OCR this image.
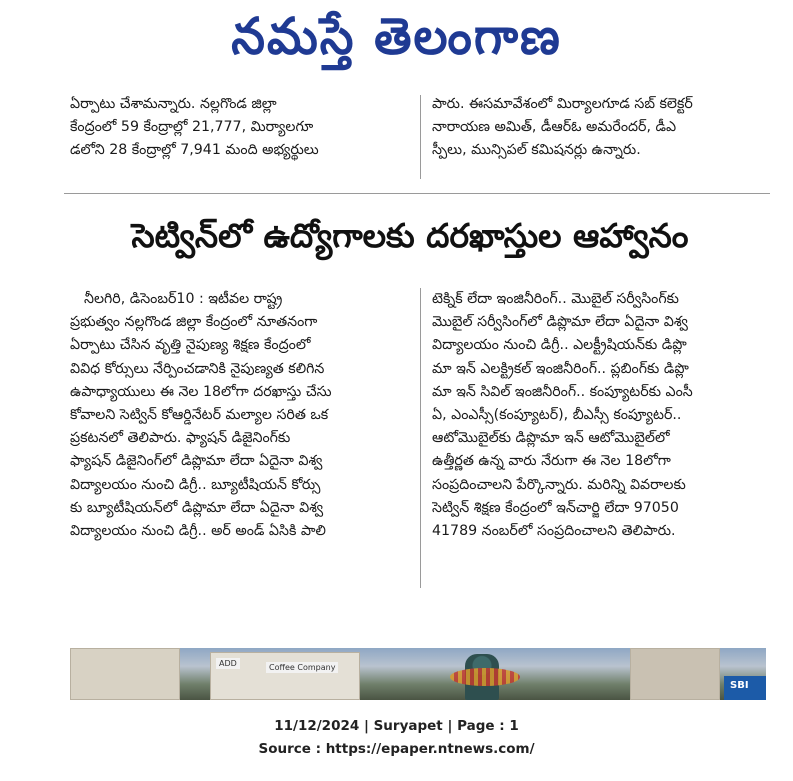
నమస్తే తెలంగాణ
ఏర్పాటు చేశామన్నారు. నల్లగొండ జిల్లా
కేంద్రంలో 59 కేంద్రాల్లో 21,777, మిర్యాలగూ
డలోని 28 కేంద్రాల్లో 7,941 మంది అభ్యర్థులు
పారు. ఈసమావేశంలో మిర్యాలగూడ సబ్ కలెక్టర్
నారాయణ అమిత్, డీఆర్ఓ అమరేందర్, డీఎ
స్పీలు, మున్సిపల్ కమిషనర్లు ఉన్నారు.
సెట్విన్‌లో ఉద్యోగాలకు దరఖాస్తుల ఆహ్వానం
నీలగిరి, డిసెంబర్10 : ఇటీవల రాష్ట్ర
ప్రభుత్వం నల్లగొండ జిల్లా కేంద్రంలో నూతనంగా
ఏర్పాటు చేసిన వృత్తి నైపుణ్య శిక్షణ కేంద్రంలో
వివిధ కోర్సులు నేర్పించడానికి నైపుణ్యత కలిగిన
ఉపాధ్యాయులు ఈ నెల 18లోగా దరఖాస్తు చేసు
కోవాలని సెట్విన్ కోఆర్డినేటర్ మల్యాల సరిత ఒక
ప్రకటనలో తెలిపారు. ఫ్యాషన్ డిజైనింగ్‌కు
ఫ్యాషన్ డిజైనింగ్‌లో డిప్లొమా లేదా ఏదైనా విశ్వ
విద్యాలయం నుంచి డిగ్రీ.. బ్యూటీషియన్ కోర్సు
కు బ్యూటీషియన్‌లో డిప్లొమా లేదా ఏదైనా విశ్వ
విద్యాలయం నుంచి డిగ్రీ.. అర్ అండ్ ఏసికి పాలి
టెక్నిక్ లేదా ఇంజినీరింగ్.. మొబైల్ సర్వీసింగ్‌కు
మొబైల్ సర్వీసింగ్‌లో డిప్లొమా లేదా ఏదైనా విశ్వ
విద్యాలయం నుంచి డిగ్రీ.. ఎలక్ట్రీషియన్‌కు డిప్లొ
మా ఇన్ ఎలక్ట్రికల్ ఇంజినీరింగ్.. ప్లబింగ్‌కు డిప్లొ
మా ఇన్ సివిల్ ఇంజినీరింగ్.. కంప్యూటర్‌కు ఎంసీ
ఏ, ఎంఎస్సీ(కంప్యూటర్), బీఎస్సీ కంప్యూటర్..
ఆటోమొబైల్‌కు డిప్లొమా ఇన్ ఆటోమొబైల్‌లో
ఉత్తీర్ణత ఉన్న వారు నేరుగా ఈ నెల 18లోగా
సంప్రదించాలని పేర్కొన్నారు. మరిన్ని వివరాలకు
సెట్విన్ శిక్షణ కేంద్రంలో ఇన్‌చార్జి లేదా 97050
41789 నంబర్‌లో సంప్రదించాలని తెలిపారు.
ADD	Coffee Company
SBI
11/12/2024 | Suryapet | Page : 1
Source : https://epaper.ntnews.com/
